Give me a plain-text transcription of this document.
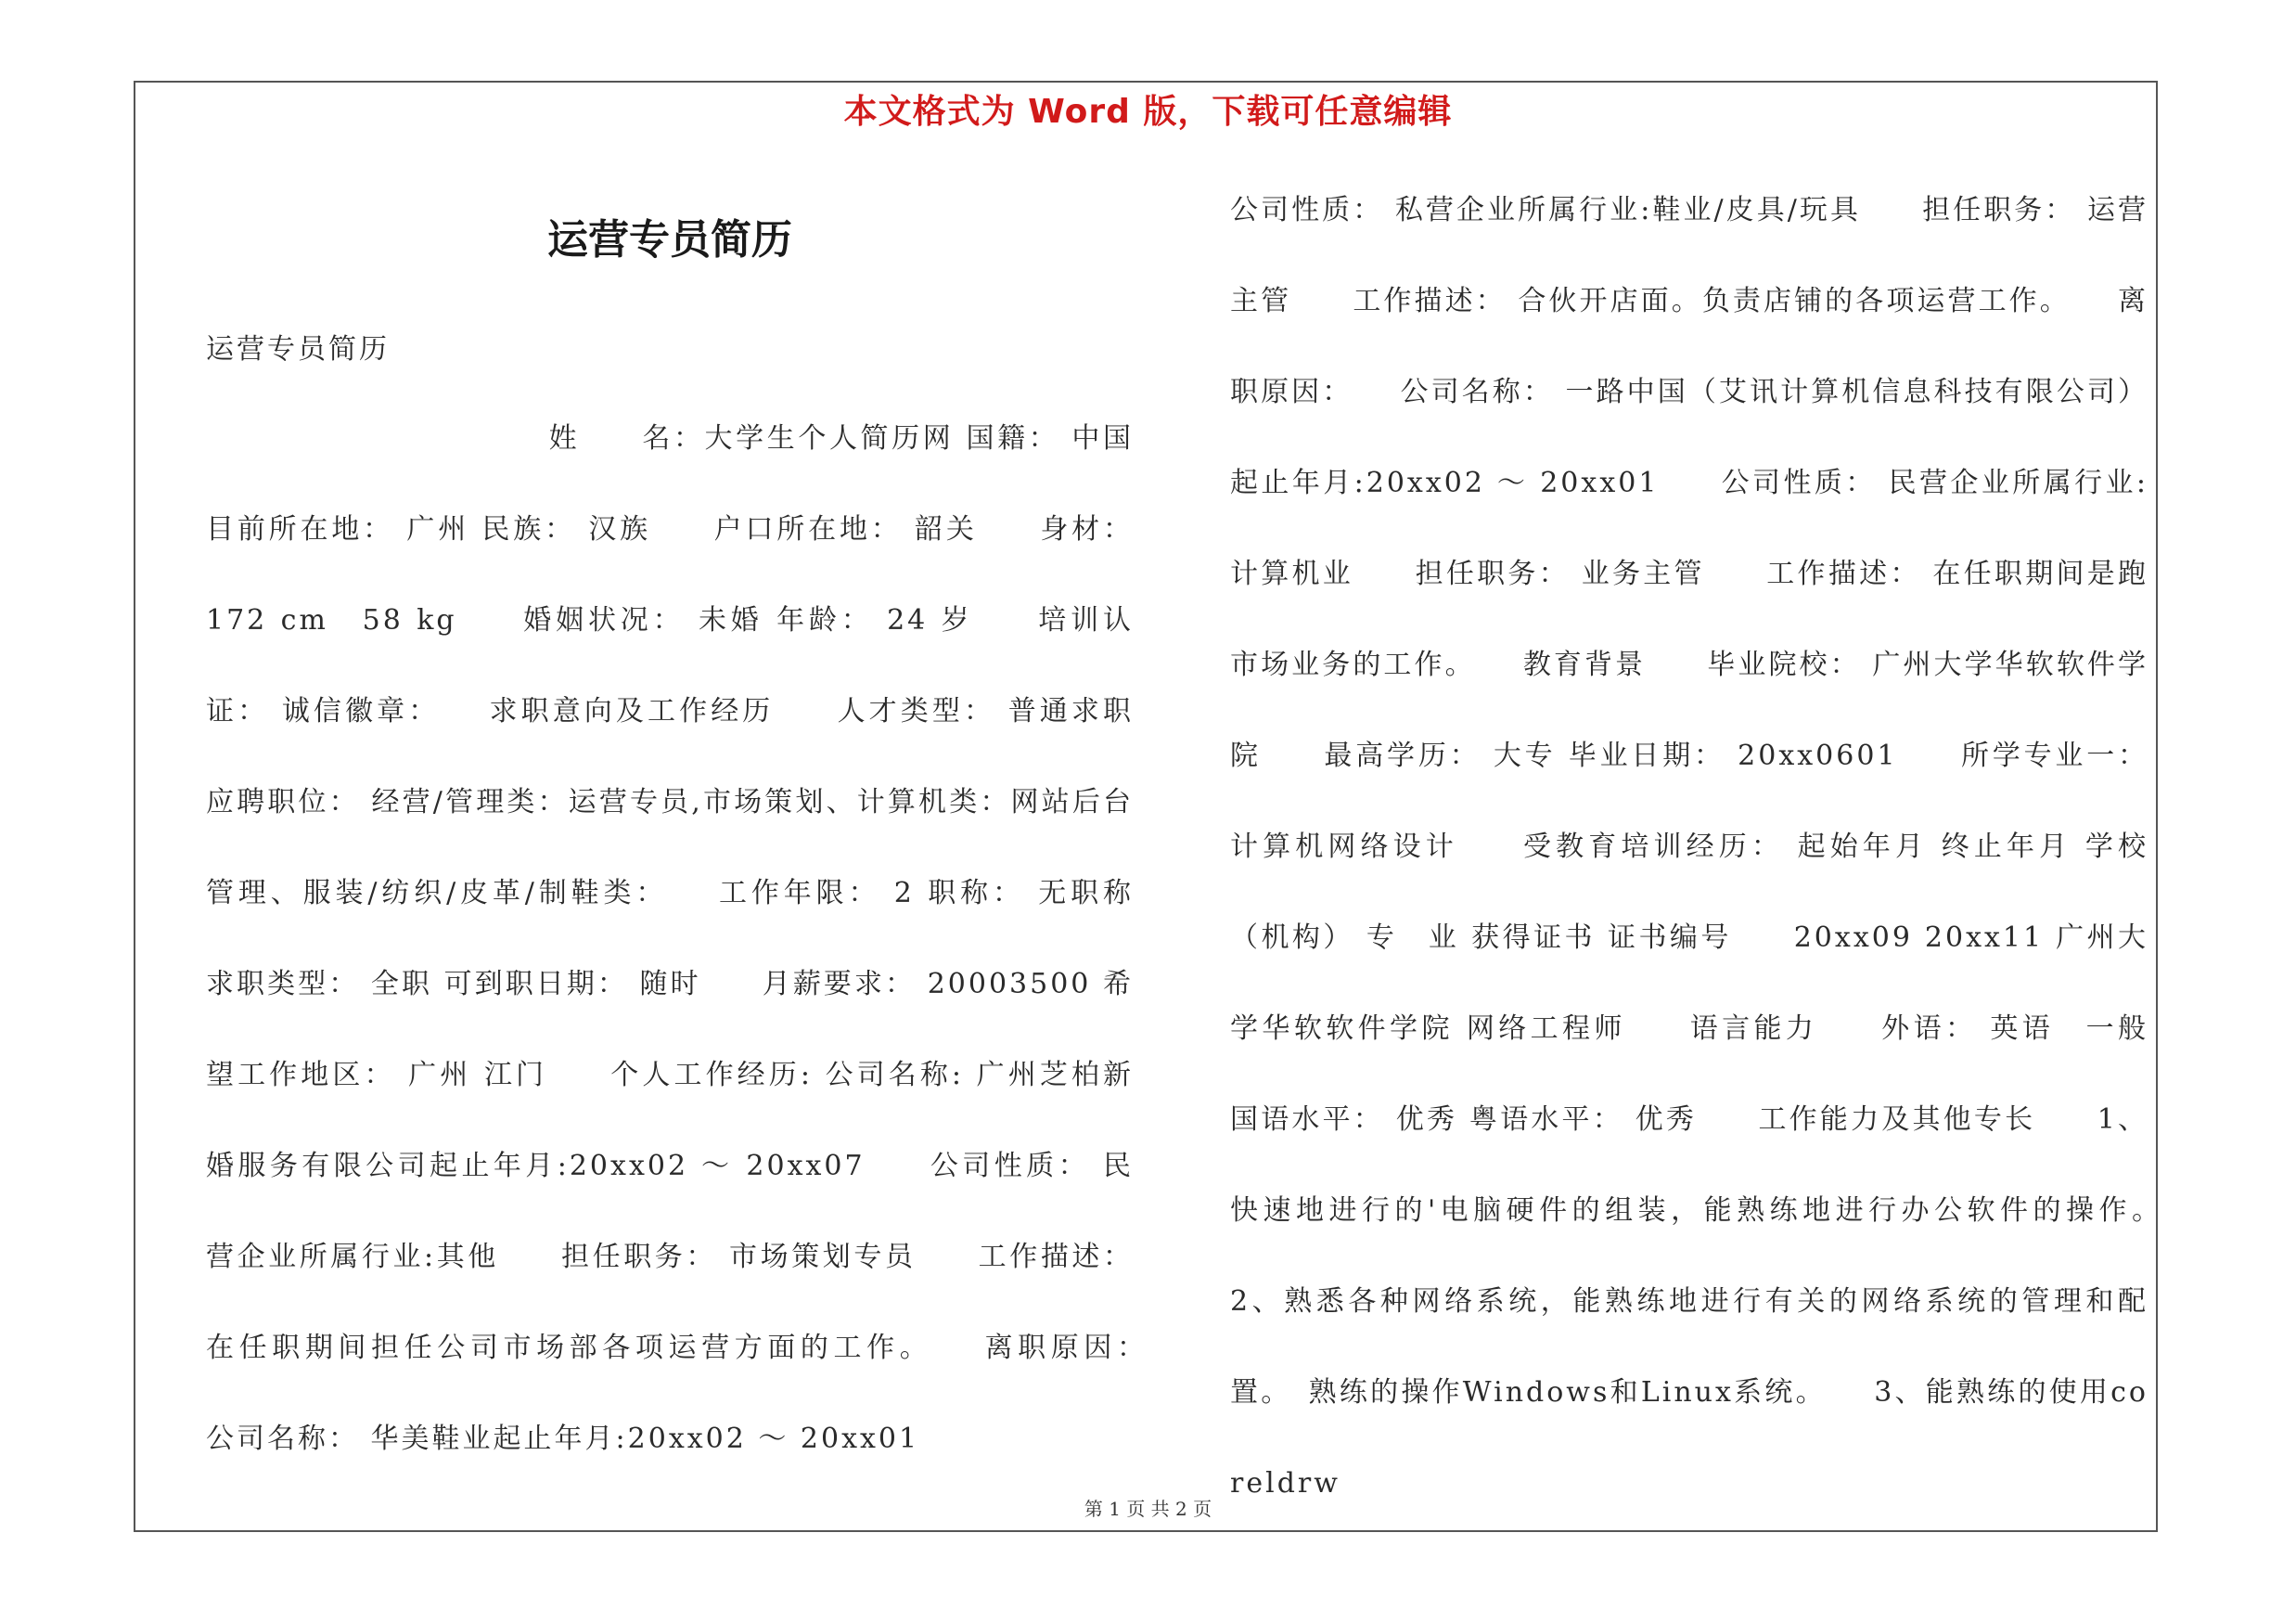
本文格式为 Word 版，下载可任意编辑
运营专员简历
运营专员简历
　　　　　　　　　　　姓　　名：大学生个人简历网 国籍： 中国　　目前所在地： 广州 民族： 汉族　　户口所在地： 韶关　　身材： 172 cm　58 kg　　婚姻状况： 未婚 年龄： 24 岁　　培训认证： 诚信徽章：　　求职意向及工作经历　　人才类型： 普通求职　　应聘职位： 经营/管理类：运营专员,市场策划、计算机类：网站后台管理、服装/纺织/皮革/制鞋类：　　工作年限： 2 职称： 无职称　　求职类型： 全职 可到职日期： 随时　　月薪要求： 20003500 希望工作地区： 广州 江门　　个人工作经历: 公司名称: 广州芝柏新婚服务有限公司起止年月:20xx02 ～ 20xx07　　公司性质： 民营企业所属行业:其他　　担任职务： 市场策划专员　　工作描述： 在任职期间担任公司市场部各项运营方面的工作。　　离职原因：　　公司名称： 华美鞋业起止年月:20xx02 ～ 20xx01
公司性质： 私营企业所属行业:鞋业/皮具/玩具　　担任职务： 运营主管　　工作描述： 合伙开店面。负责店铺的各项运营工作。　　离职原因：　　公司名称： 一路中国（艾讯计算机信息科技有限公司）起止年月:20xx02 ～ 20xx01　　公司性质： 民营企业所属行业:计算机业　　担任职务： 业务主管　　工作描述： 在任职期间是跑市场业务的工作。　　教育背景　　毕业院校： 广州大学华软软件学院　　最高学历： 大专 毕业日期： 20xx0601　　所学专业一： 计算机网络设计　　受教育培训经历： 起始年月 终止年月 学校（机构） 专　业 获得证书 证书编号　　20xx09 20xx11 广州大学华软软件学院 网络工程师　　语言能力　　外语： 英语　一般　国语水平： 优秀 粤语水平： 优秀　　工作能力及其他专长　　1、快速地进行的'电脑硬件的组装，能熟练地进行办公软件的操作。　2、熟悉各种网络系统，能熟练地进行有关的网络系统的管理和配置。　熟练的操作Windows和Linux系统。　　3、能熟练的使用coreldrw
第 1 页 共 2 页
